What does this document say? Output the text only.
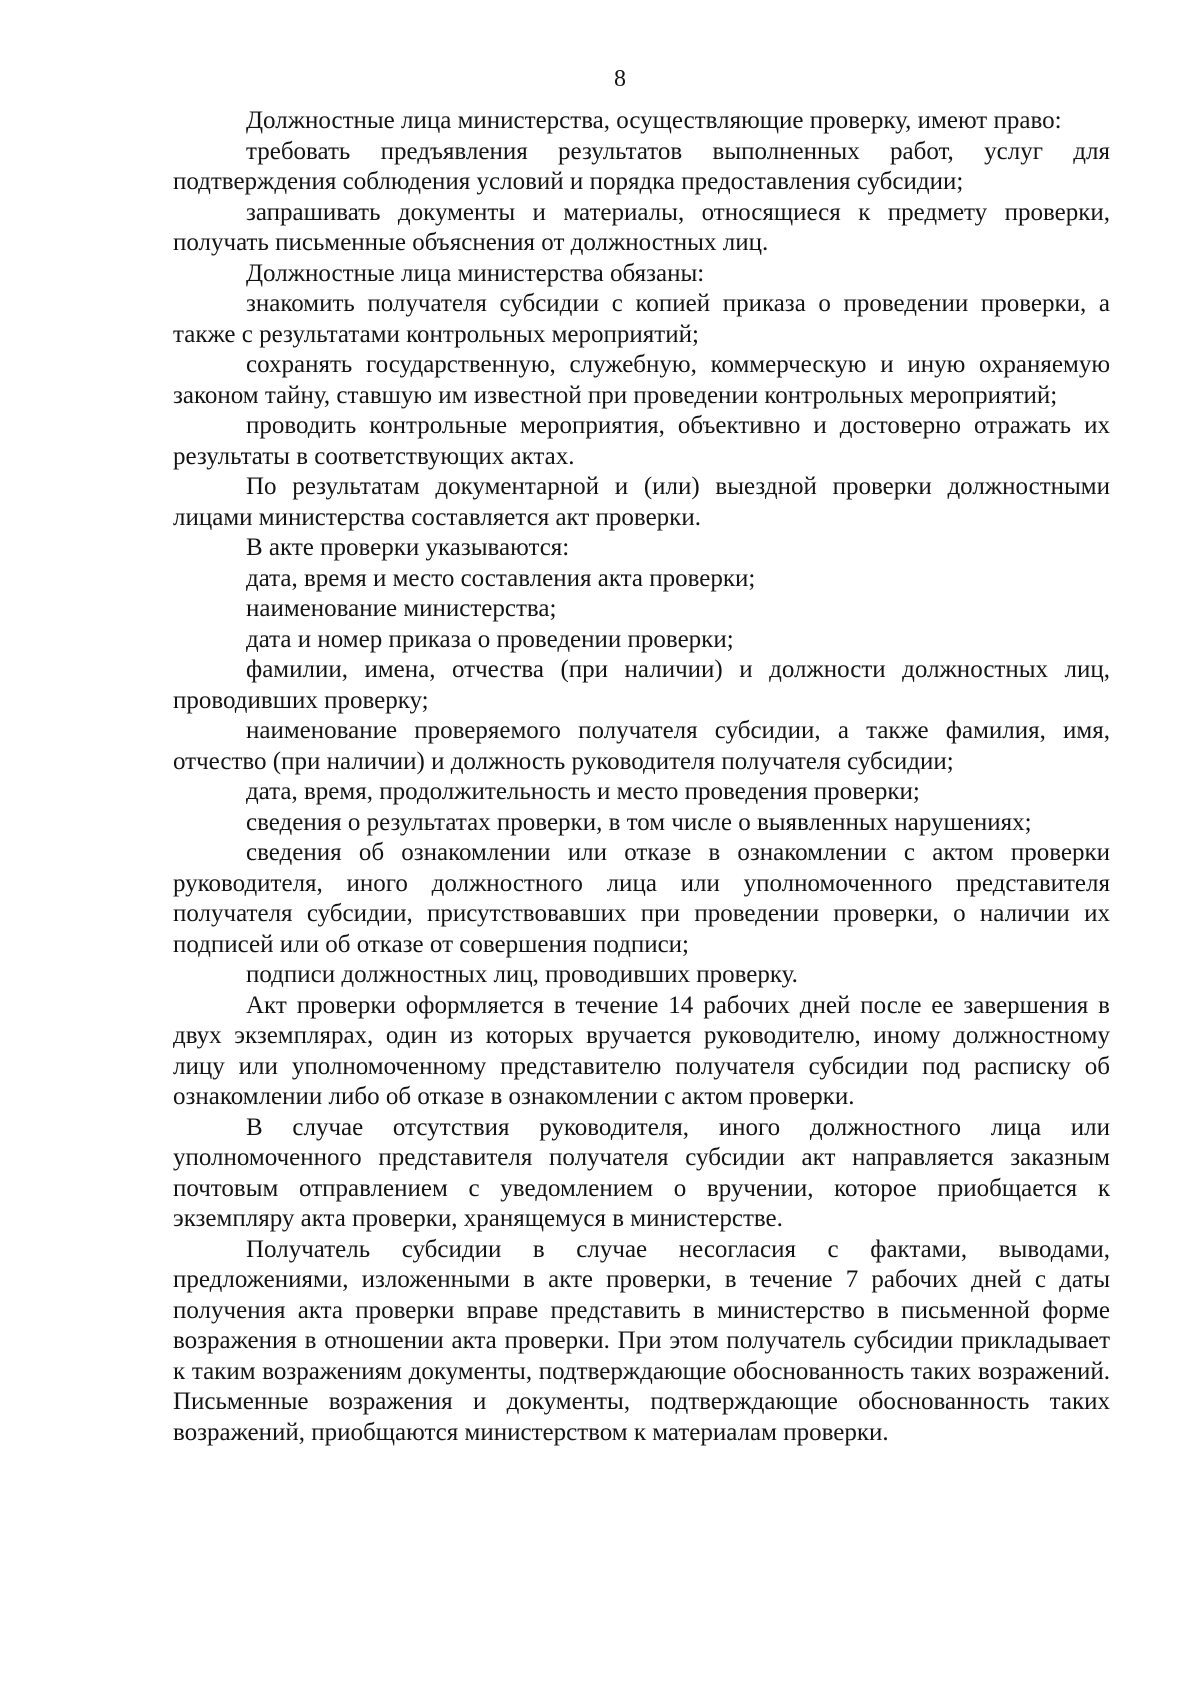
8

Должностные лица министерства, осуществляющие проверку, имеют право:

требовать предъявления результатов выполненных работ, услуг для подтверждения соблюдения условий и порядка предоставления субсидии;

запрашивать документы и материалы, относящиеся к предмету проверки, получать письменные объяснения от должностных лиц.

Должностные лица министерства обязаны:

знакомить получателя субсидии с копией приказа о проведении проверки, а также с результатами контрольных мероприятий;

сохранять государственную, служебную, коммерческую и иную охраняемую законом тайну, ставшую им известной при проведении контрольных мероприятий;

проводить контрольные мероприятия, объективно и достоверно отражать их результаты в соответствующих актах.

По результатам документарной и (или) выездной проверки должностными лицами министерства составляется акт проверки.

В акте проверки указываются:

дата, время и место составления акта проверки;

наименование министерства;

дата и номер приказа о проведении проверки;

фамилии, имена, отчества (при наличии) и должности должностных лиц, проводивших проверку;

наименование проверяемого получателя субсидии, а также фамилия, имя, отчество (при наличии) и должность руководителя получателя субсидии;

дата, время, продолжительность и место проведения проверки;

сведения о результатах проверки, в том числе о выявленных нарушениях;

сведения об ознакомлении или отказе в ознакомлении с актом проверки руководителя, иного должностного лица или уполномоченного представителя получателя субсидии, присутствовавших при проведении проверки, о наличии их подписей или об отказе от совершения подписи;

подписи должностных лиц, проводивших проверку.

Акт проверки оформляется в течение 14 рабочих дней после ее завершения в двух экземплярах, один из которых вручается руководителю, иному должностному лицу или уполномоченному представителю получателя субсидии под расписку об ознакомлении либо об отказе в ознакомлении с актом проверки.

В случае отсутствия руководителя, иного должностного лица или уполномоченного представителя получателя субсидии акт направляется заказным почтовым отправлением с уведомлением о вручении, которое приобщается к экземпляру акта проверки, хранящемуся в министерстве.

Получатель субсидии в случае несогласия с фактами, выводами, предложениями, изложенными в акте проверки, в течение 7 рабочих дней с даты получения акта проверки вправе представить в министерство в письменной форме возражения в отношении акта проверки. При этом получатель субсидии прикладывает к таким возражениям документы, подтверждающие обоснованность таких возражений. Письменные возражения и документы, подтверждающие обоснованность таких возражений, приобщаются министерством к материалам проверки.
